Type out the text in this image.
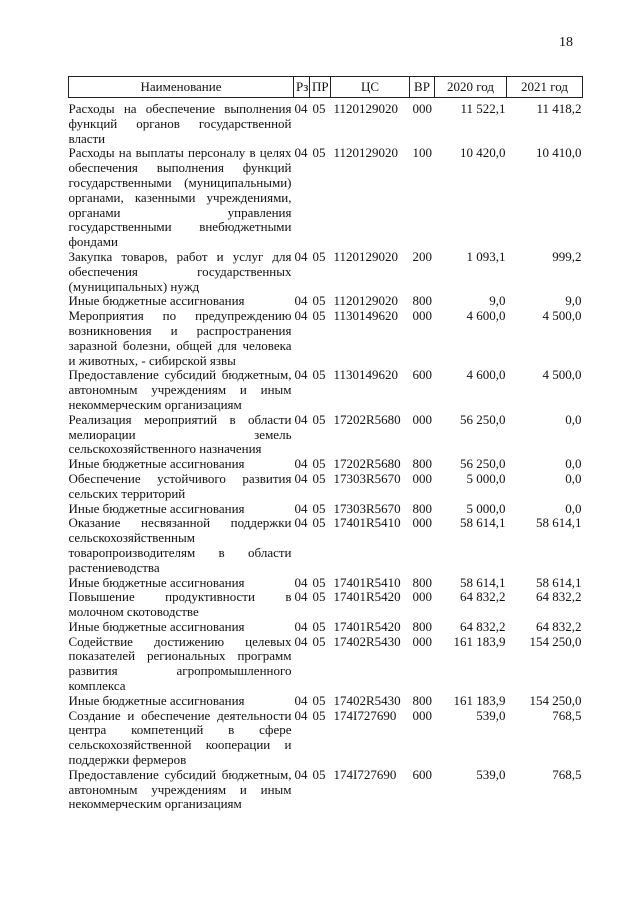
18
Наименование	Рз	ПР	ЦС	ВР	2020 год	2021 год
Расходы на обеспечение выполнения функций органов государственной власти	04	05	1120129020	000	11 522,1	11 418,2
Расходы на выплаты персоналу в целях обеспечения выполнения функций государственными (муниципальными) органами, казенными учреждениями, органами управления государственными внебюджетными фондами	04	05	1120129020	100	10 420,0	10 410,0
Закупка товаров, работ и услуг для обеспечения государственных (муниципальных) нужд	04	05	1120129020	200	1 093,1	999,2
Иные бюджетные ассигнования	04	05	1120129020	800	9,0	9,0
Мероприятия по предупреждению возникновения и распространения заразной болезни, общей для человека и животных, - сибирской язвы	04	05	1130149620	000	4 600,0	4 500,0
Предоставление субсидий бюджетным, автономным учреждениям и иным некоммерческим организациям	04	05	1130149620	600	4 600,0	4 500,0
Реализация мероприятий в области мелиорации земель сельскохозяйственного назначения	04	05	17202R5680	000	56 250,0	0,0
Иные бюджетные ассигнования	04	05	17202R5680	800	56 250,0	0,0
Обеспечение устойчивого развития сельских территорий	04	05	17303R5670	000	5 000,0	0,0
Иные бюджетные ассигнования	04	05	17303R5670	800	5 000,0	0,0
Оказание несвязанной поддержки сельскохозяйственным товаропроизводителям в области растениеводства	04	05	17401R5410	000	58 614,1	58 614,1
Иные бюджетные ассигнования	04	05	17401R5410	800	58 614,1	58 614,1
Повышение продуктивности в молочном скотоводстве	04	05	17401R5420	000	64 832,2	64 832,2
Иные бюджетные ассигнования	04	05	17401R5420	800	64 832,2	64 832,2
Содействие достижению целевых показателей региональных программ развития агропромышленного комплекса	04	05	17402R5430	000	161 183,9	154 250,0
Иные бюджетные ассигнования	04	05	17402R5430	800	161 183,9	154 250,0
Создание и обеспечение деятельности центра компетенций в сфере сельскохозяйственной кооперации и поддержки фермеров	04	05	174I727690	000	539,0	768,5
Предоставление субсидий бюджетным, автономным учреждениям и иным некоммерческим организациям	04	05	174I727690	600	539,0	768,5
